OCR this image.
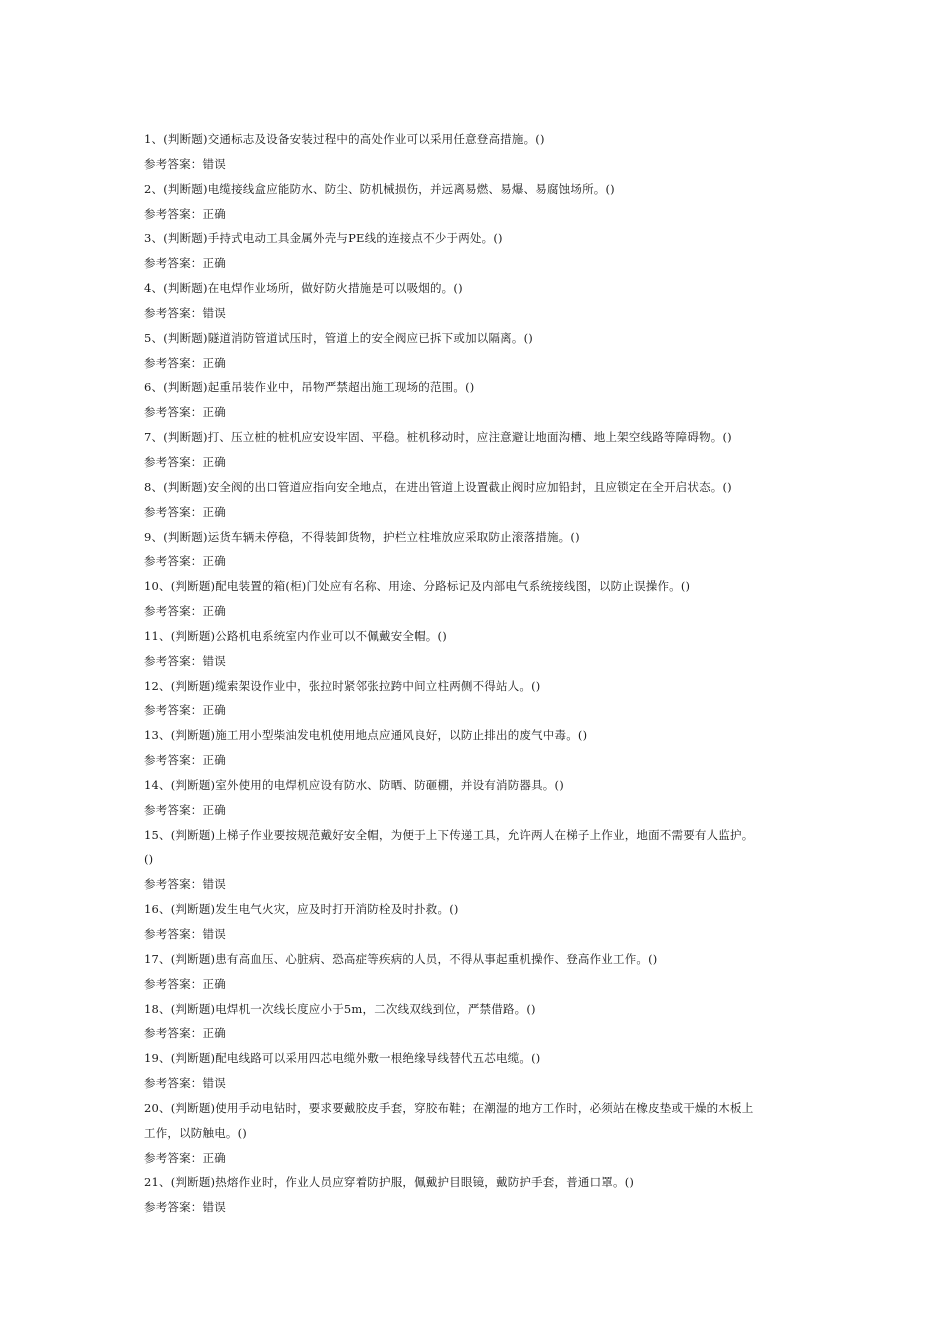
1、(判断题)交通标志及设备安装过程中的高处作业可以采用任意登高措施。()
参考答案：错误
2、(判断题)电缆接线盒应能防水、防尘、防机械损伤，并远离易燃、易爆、易腐蚀场所。()
参考答案：正确
3、(判断题)手持式电动工具金属外壳与PE线的连接点不少于两处。()
参考答案：正确
4、(判断题)在电焊作业场所，做好防火措施是可以吸烟的。()
参考答案：错误
5、(判断题)隧道消防管道试压时，管道上的安全阀应已拆下或加以隔离。()
参考答案：正确
6、(判断题)起重吊装作业中，吊物严禁超出施工现场的范围。()
参考答案：正确
7、(判断题)打、压立桩的桩机应安设牢固、平稳。桩机移动时，应注意避让地面沟槽、地上架空线路等障碍物。()
参考答案：正确
8、(判断题)安全阀的出口管道应指向安全地点，在进出管道上设置截止阀时应加铅封，且应锁定在全开启状态。()
参考答案：正确
9、(判断题)运货车辆未停稳，不得装卸货物，护栏立柱堆放应采取防止滚落措施。()
参考答案：正确
10、(判断题)配电装置的箱(柜)门处应有名称、用途、分路标记及内部电气系统接线图，以防止误操作。()
参考答案：正确
11、(判断题)公路机电系统室内作业可以不佩戴安全帽。()
参考答案：错误
12、(判断题)缆索架设作业中，张拉时紧邻张拉跨中间立柱两侧不得站人。()
参考答案：正确
13、(判断题)施工用小型柴油发电机使用地点应通风良好，以防止排出的废气中毒。()
参考答案：正确
14、(判断题)室外使用的电焊机应设有防水、防晒、防砸棚，并设有消防器具。()
参考答案：正确
15、(判断题)上梯子作业要按规范戴好安全帽，为便于上下传递工具，允许两人在梯子上作业，地面不需要有人监护。
()
参考答案：错误
16、(判断题)发生电气火灾，应及时打开消防栓及时扑救。()
参考答案：错误
17、(判断题)患有高血压、心脏病、恐高症等疾病的人员，不得从事起重机操作、登高作业工作。()
参考答案：正确
18、(判断题)电焊机一次线长度应小于5m，二次线双线到位，严禁借路。()
参考答案：正确
19、(判断题)配电线路可以采用四芯电缆外敷一根绝缘导线替代五芯电缆。()
参考答案：错误
20、(判断题)使用手动电钻时，要求要戴胶皮手套，穿胶布鞋；在潮湿的地方工作时，必须站在橡皮垫或干燥的木板上
工作，以防触电。()
参考答案：正确
21、(判断题)热熔作业时，作业人员应穿着防护服，佩戴护目眼镜，戴防护手套，普通口罩。()
参考答案：错误
